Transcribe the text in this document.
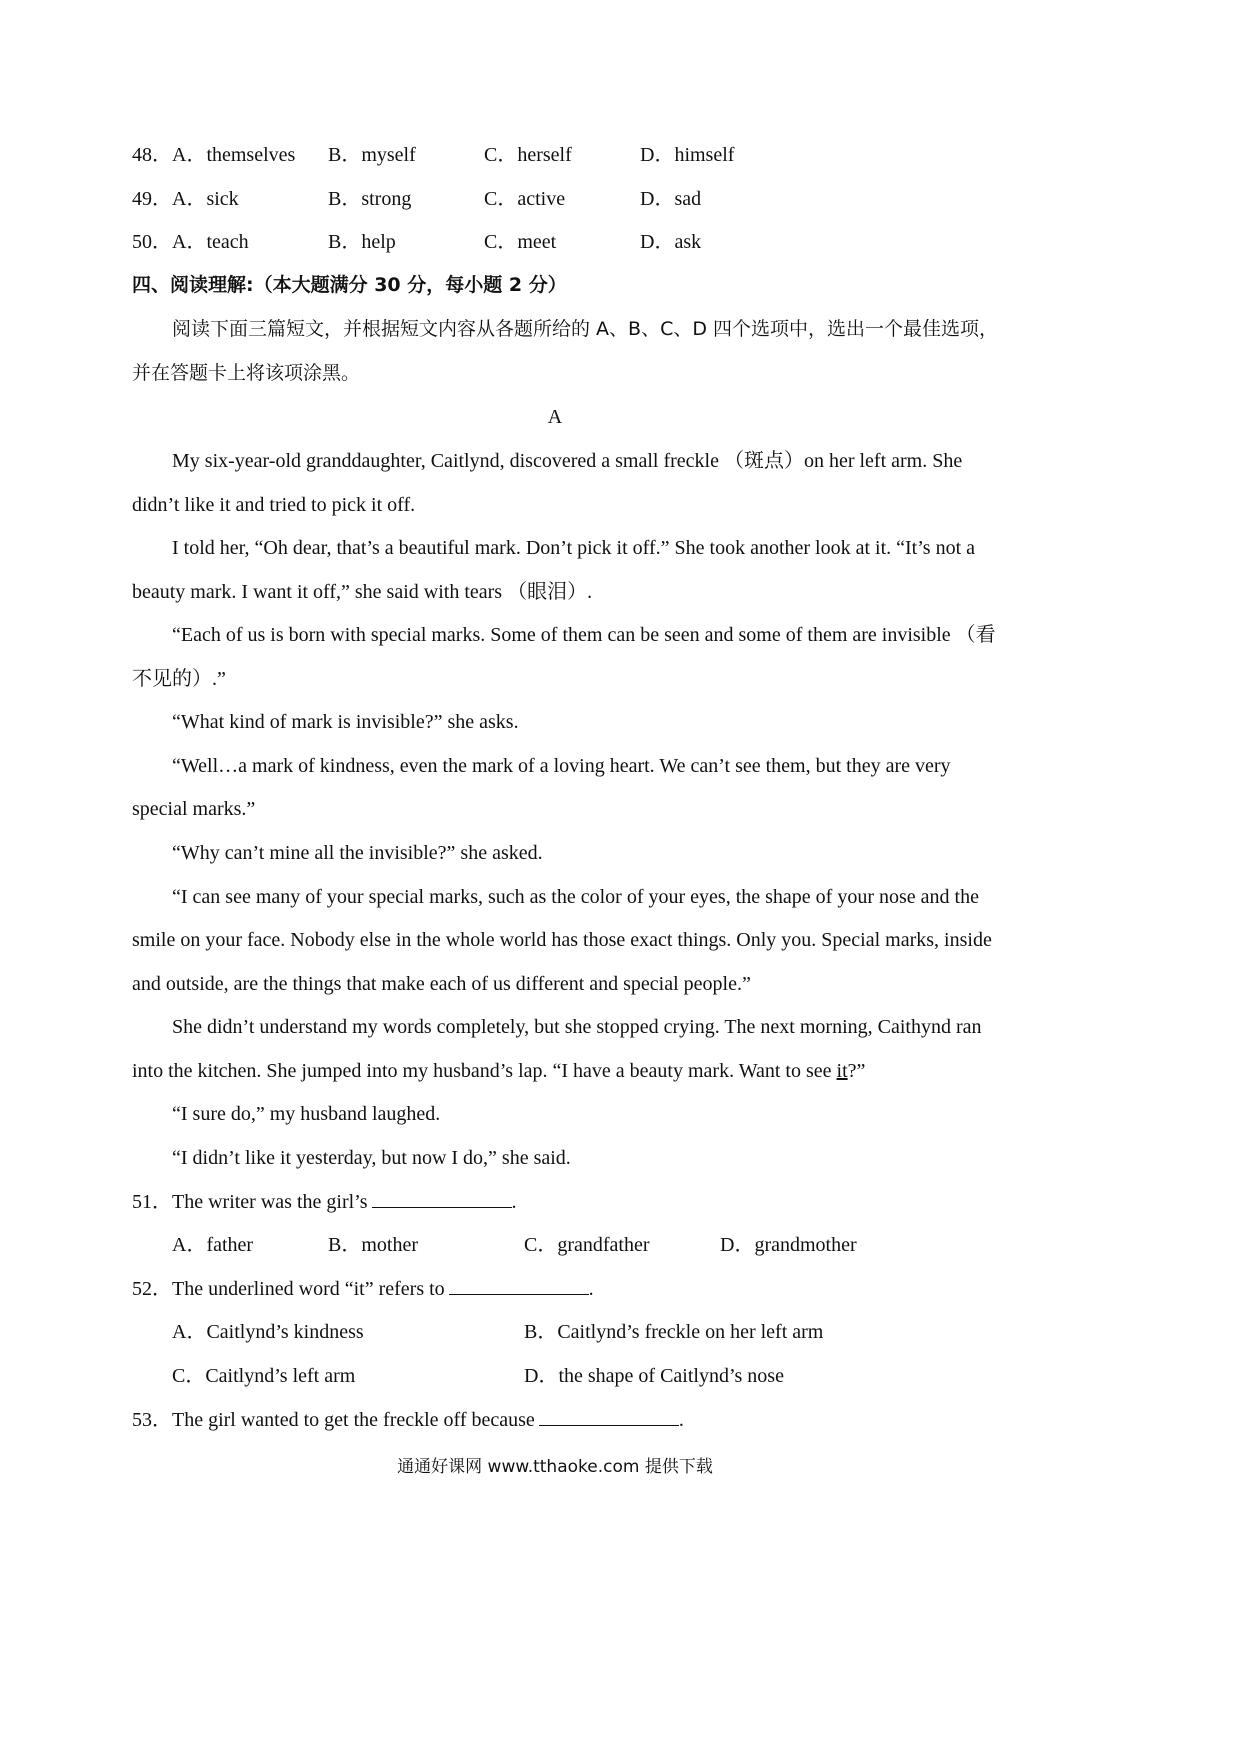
48． A．themselves B．myself	C．herself	D．himself
49． A．sick	B．strong	C．active	D．sad
50． A．teach	B．help	C．meet	D．ask
四、阅读理解:（本大题满分 30 分，每小题 2 分）
阅读下面三篇短文，并根据短文内容从各题所给的 A、B、C、D 四个选项中，选出一个最佳选项，
并在答题卡上将该项涂黑。
A
My six-year-old granddaughter, Caitlynd, discovered a small freckle （斑点）on her left arm. She
didn’t like it and tried to pick it off.
I told her, “Oh dear, that’s a beautiful mark. Don’t pick it off.” She took another look at it. “It’s not a
beauty mark. I want it off,” she said with tears （眼泪）.
“Each of us is born with special marks. Some of them can be seen and some of them are invisible （看
不见的）.”
“What kind of mark is invisible?” she asks.
“Well…a mark of kindness, even the mark of a loving heart. We can’t see them, but they are very
special marks.”
“Why can’t mine all the invisible?” she asked.
“I can see many of your special marks, such as the color of your eyes, the shape of your nose and the
smile on your face. Nobody else in the whole world has those exact things. Only you. Special marks, inside
and outside, are the things that make each of us different and special people.”
She didn’t understand my words completely, but she stopped crying. The next morning, Caithynd ran
into the kitchen. She jumped into my husband’s lap. “I have a beauty mark. Want to see it?”
“I sure do,” my husband laughed.
“I didn’t like it yesterday, but now I do,” she said.
51．The writer was the girl’s	.
A．father	B．mother	C．grandfather	D．grandmother
52．The underlined word “it” refers to	.
A．Caitlynd’s kindness	B．Caitlynd’s freckle on her left arm
C．Caitlynd’s left arm	D．the shape of Caitlynd’s nose
53．The girl wanted to get the freckle off because	.
通通好课网 www.tthaoke.com 提供下载
